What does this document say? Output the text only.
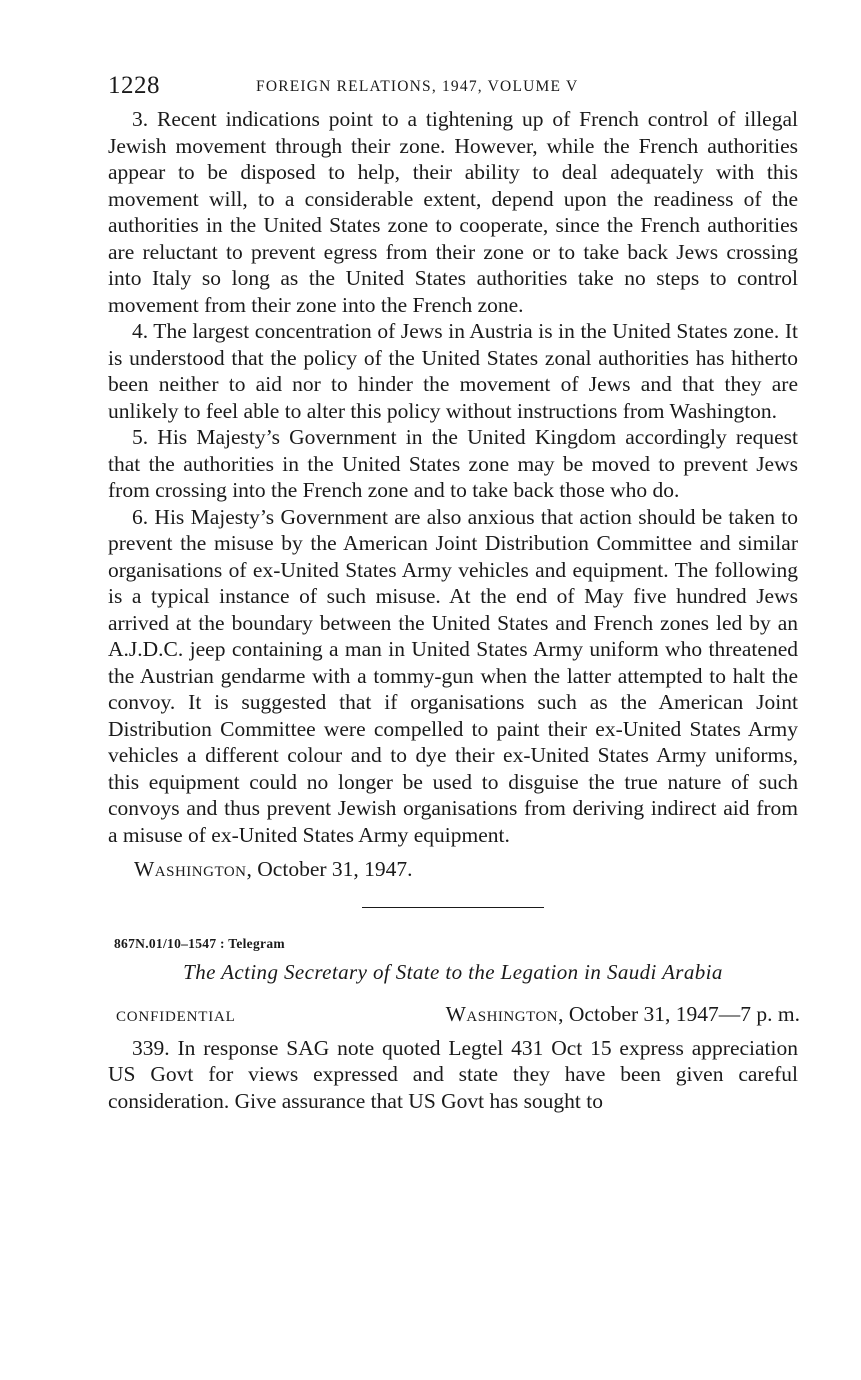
1228	FOREIGN RELATIONS, 1947, VOLUME V

3. Recent indications point to a tightening up of French control of illegal Jewish movement through their zone. However, while the French authorities appear to be disposed to help, their ability to deal adequately with this movement will, to a considerable extent, depend upon the readiness of the authorities in the United States zone to cooperate, since the French authorities are reluctant to prevent egress from their zone or to take back Jews crossing into Italy so long as the United States authorities take no steps to control movement from their zone into the French zone.

4. The largest concentration of Jews in Austria is in the United States zone. It is understood that the policy of the United States zonal authorities has hitherto been neither to aid nor to hinder the movement of Jews and that they are unlikely to feel able to alter this policy without instructions from Washington.

5. His Majesty’s Government in the United Kingdom accordingly request that the authorities in the United States zone may be moved to prevent Jews from crossing into the French zone and to take back those who do.

6. His Majesty’s Government are also anxious that action should be taken to prevent the misuse by the American Joint Distribution Committee and similar organisations of ex-United States Army vehicles and equipment. The following is a typical instance of such misuse. At the end of May five hundred Jews arrived at the boundary between the United States and French zones led by an A.J.D.C. jeep containing a man in United States Army uniform who threatened the Austrian gendarme with a tommy-gun when the latter attempted to halt the convoy. It is suggested that if organisations such as the American Joint Distribution Committee were compelled to paint their ex-United States Army vehicles a different colour and to dye their ex-United States Army uniforms, this equipment could no longer be used to disguise the true nature of such convoys and thus prevent Jewish organisations from deriving indirect aid from a misuse of ex-United States Army equipment.

Washington, October 31, 1947.
867N.01/10–1547 : Telegram
The Acting Secretary of State to the Legation in Saudi Arabia
CONFIDENTIAL	Washington, October 31, 1947—7 p. m.

339. In response SAG note quoted Legtel 431 Oct 15 express appreciation US Govt for views expressed and state they have been given careful consideration. Give assurance that US Govt has sought to
